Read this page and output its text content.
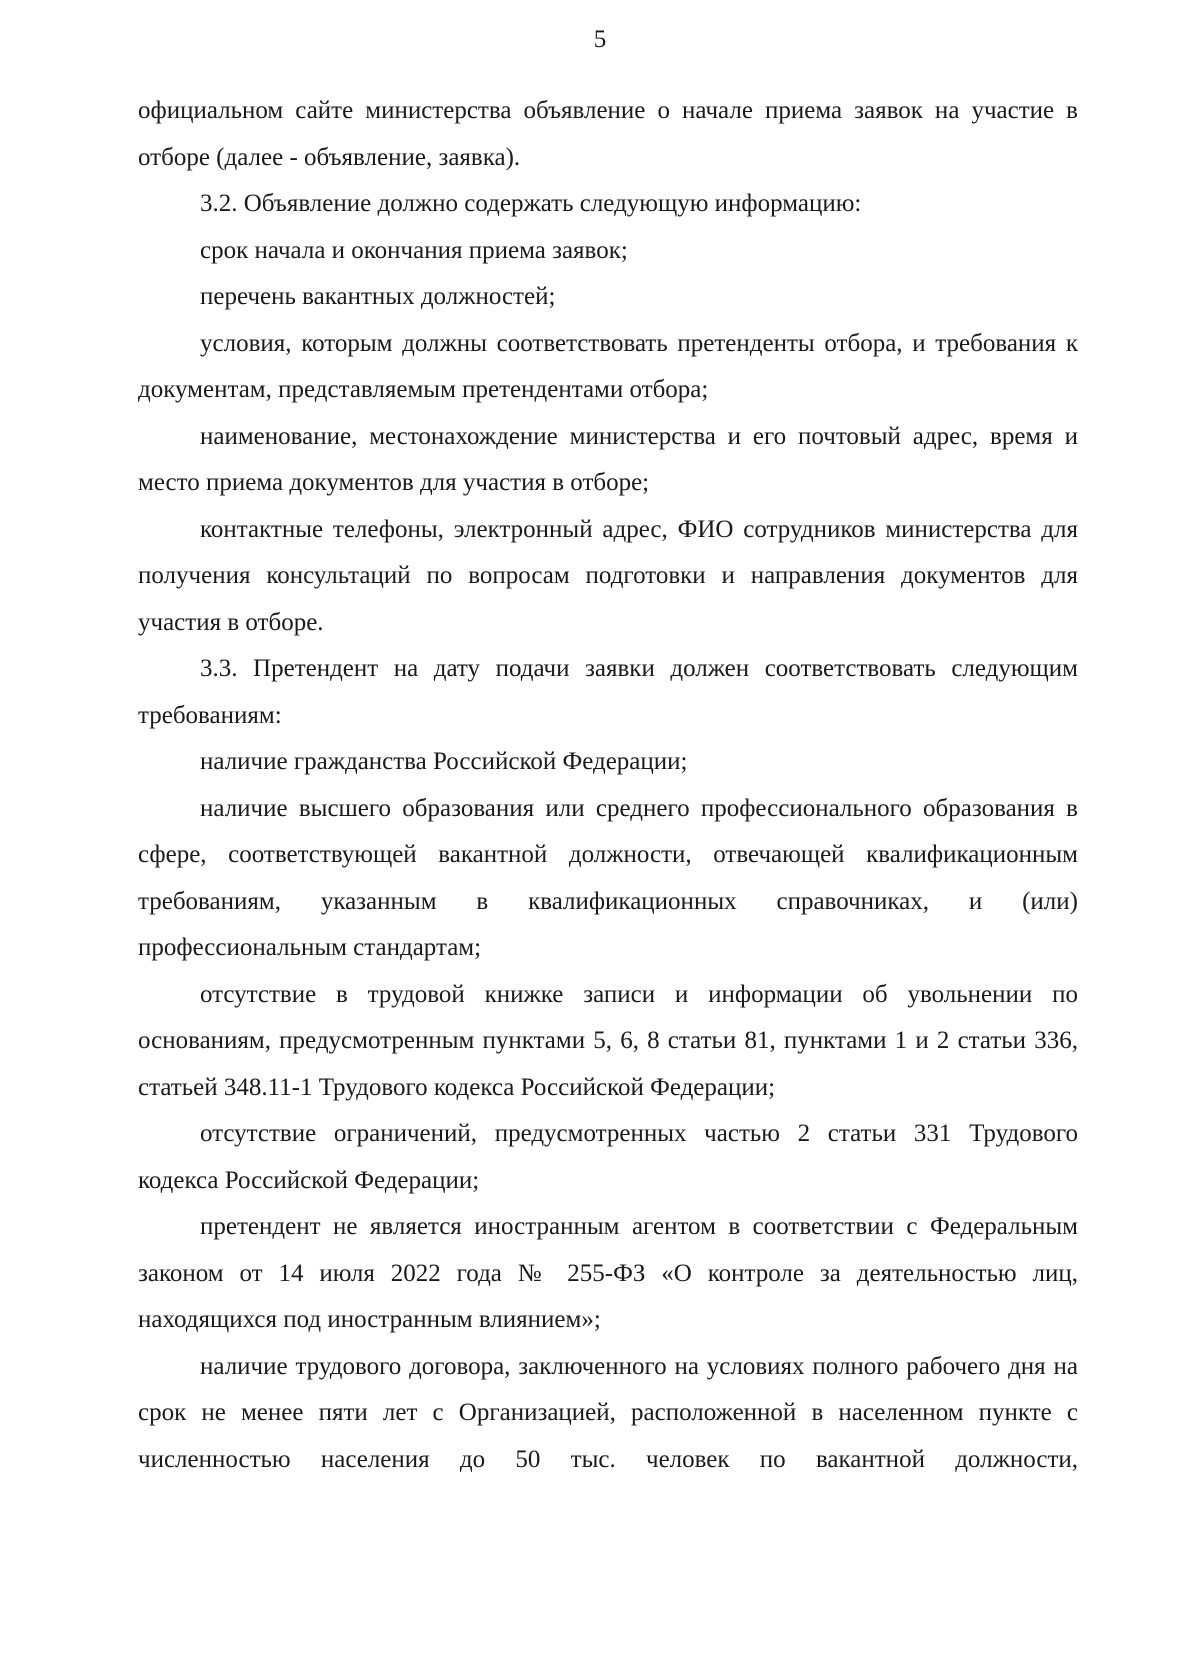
5

официальном сайте министерства объявление о начале приема заявок на участие в отборе (далее - объявление, заявка).

3.2. Объявление должно содержать следующую информацию:

срок начала и окончания приема заявок;

перечень вакантных должностей;

условия, которым должны соответствовать претенденты отбора, и требования к документам, представляемым претендентами отбора;

наименование, местонахождение министерства и его почтовый адрес, время и место приема документов для участия в отборе;

контактные телефоны, электронный адрес, ФИО сотрудников министерства для получения консультаций по вопросам подготовки и направления документов для участия в отборе.

3.3. Претендент на дату подачи заявки должен соответствовать следующим требованиям:

наличие гражданства Российской Федерации;

наличие высшего образования или среднего профессионального образования в сфере, соответствующей вакантной должности, отвечающей квалификационным требованиям, указанным в квалификационных справочниках, и (или) профессиональным стандартам;

отсутствие в трудовой книжке записи и информации об увольнении по основаниям, предусмотренным пунктами 5, 6, 8 статьи 81, пунктами 1 и 2 статьи 336, статьей 348.11-1 Трудового кодекса Российской Федерации;

отсутствие ограничений, предусмотренных частью 2 статьи 331 Трудового кодекса Российской Федерации;

претендент не является иностранным агентом в соответствии с Федеральным законом от 14 июля 2022 года № 255-ФЗ «О контроле за деятельностью лиц, находящихся под иностранным влиянием»;

наличие трудового договора, заключенного на условиях полного рабочего дня на срок не менее пяти лет с Организацией, расположенной в населенном пункте с численностью населения до 50 тыс. человек по вакантной должности,
